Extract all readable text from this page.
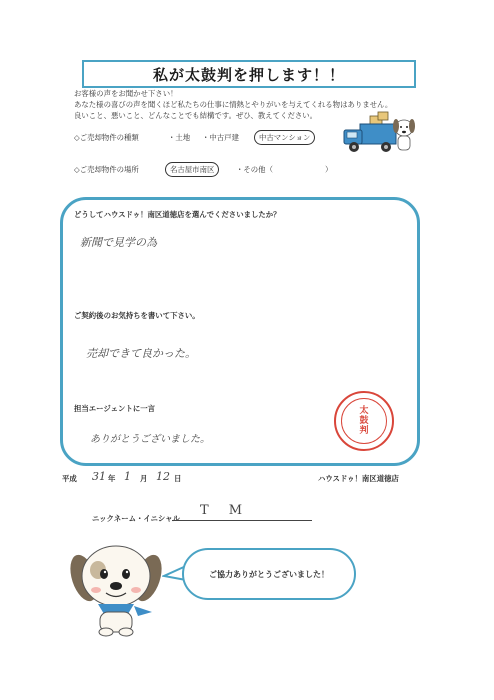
私が太鼓判を押します！！
お客様の声をお聞かせ下さい！
あなた様の喜びの声を聞くほど私たちの仕事に情熱とやりがいを与えてくれる物はありません。
良いこと、悪いこと、どんなことでも結構です。ぜひ、教えてください。
◇ご売却物件の種類	・土地 ・中古戸建	中古マンション
◇ご売却物件の場所	名古屋市南区	・その他（	）
どうしてハウスドゥ！南区道徳店を選んでくださいましたか？
新聞で見学の為
ご契約後のお気持ちを書いて下さい。
売却できて良かった。
担当エージェントに一言
ありがとうございました。
太
鼓
判
平成 31 年 1 月 12 日	ハウスドゥ！南区道徳店
ニックネーム・イニシャル
T M
ご協力ありがとうございました！
